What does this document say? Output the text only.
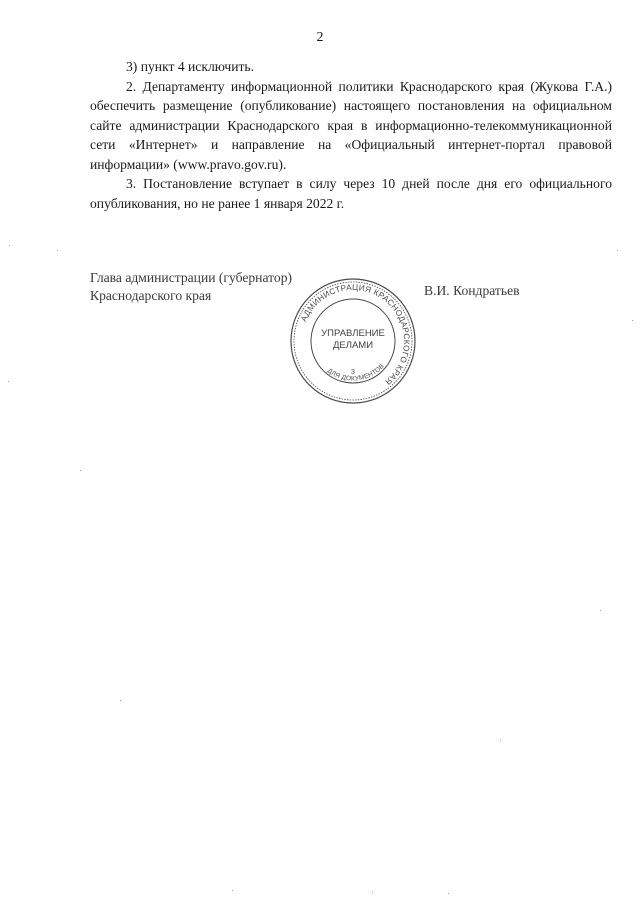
2

3) пункт 4 исключить.

2. Департаменту информационной политики Краснодарского края (Жукова Г.А.) обеспечить размещение (опубликование) настоящего постановления на официальном сайте администрации Краснодарского края в информационно-телекоммуникационной сети «Интернет» и направление на «Официальный интернет-портал правовой информации» (www.pravo.gov.ru).

3. Постановление вступает в силу через 10 дней после дня его официального опубликования, но не ранее 1 января 2022 г.

Глава администрации (губернатор)
Краснодарского края	В.И. Кондратьев
АДМИНИСТРАЦИЯ КРАСНОДАРСКОГО КРАЯ
ДЛЯ ДОКУМЕНТОВ
УПРАВЛЕНИЕ
ДЕЛАМИ
3
